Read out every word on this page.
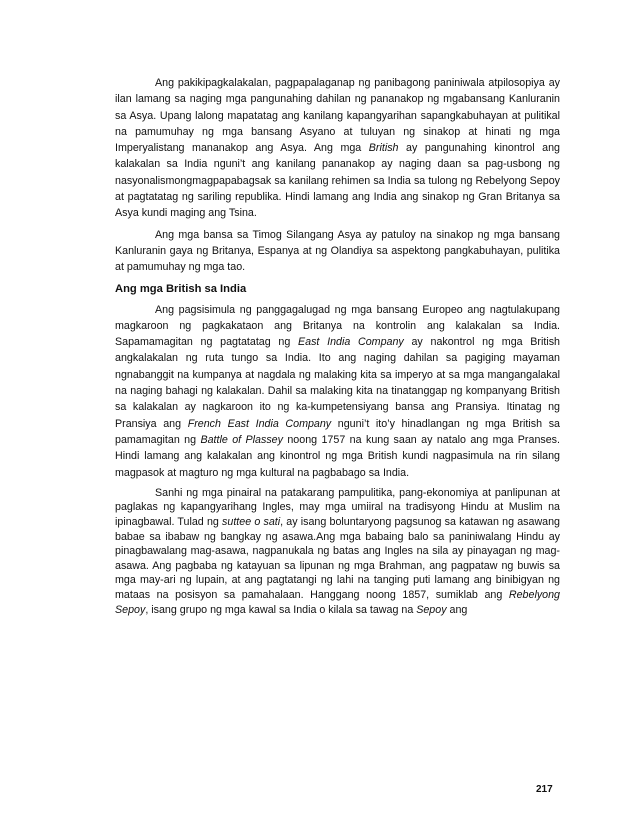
Ang pakikipagkalakalan, pagpapalaganap ng panibagong paniniwala atpilosopiya ay ilan lamang sa naging mga pangunahing dahilan ng pananakop ng mgabansang Kanluranin sa Asya. Upang lalong mapatatag ang kanilang kapangyarihan sapangkabuhayan at pulitikal na pamumuhay ng mga bansang Asyano at tuluyan ng sinakop at hinati ng mga Imperyalistang mananakop ang Asya. Ang mga British ay pangunahing kinontrol ang kalakalan sa India nguni’t ang kanilang pananakop ay naging daan sa pag-usbong ng nasyonalismongmagpapabagsak sa kanilang rehimen sa India sa tulong ng Rebelyong Sepoy at pagtatatag ng sariling republika. Hindi lamang ang India ang sinakop ng Gran Britanya sa Asya kundi maging ang Tsina.

Ang mga bansa sa Timog Silangang Asya ay patuloy na sinakop ng mga bansang Kanluranin gaya ng Britanya, Espanya at ng Olandiya sa aspektong pangkabuhayan, pulitika at pamumuhay ng mga tao.

Ang mga British sa India

Ang pagsisimula ng panggagalugad ng mga bansang Europeo ang nagtulakupang magkaroon ng pagkakataon ang Britanya na kontrolin ang kalakalan sa India. Sapamamagitan ng pagtatatag ng East India Company ay nakontrol ng mga British angkalakalan ng ruta tungo sa India. Ito ang naging dahilan sa pagiging mayaman ngnabanggit na kumpanya at nagdala ng malaking kita sa imperyo at sa mga mangangalakal na naging bahagi ng kalakalan. Dahil sa malaking kita na tinatanggap ng kompanyang British sa kalakalan ay nagkaroon ito ng ka-kumpetensiyang bansa ang Pransiya. Itinatag ng Pransiya ang French East India Company nguni’t ito’y hinadlangan ng mga British sa pamamagitan ng Battle of Plassey noong 1757 na kung saan ay natalo ang mga Pranses. Hindi lamang ang kalakalan ang kinontrol ng mga British kundi nagpasimula na rin silang magpasok at magturo ng mga kultural na pagbabago sa India.

Sanhi ng mga pinairal na patakarang pampulitika, pang-ekonomiya at panlipunan at paglakas ng kapangyarihang Ingles, may mga umiiral na tradisyong Hindu at Muslim na ipinagbawal. Tulad ng suttee o sati, ay isang boluntaryong pagsunog sa katawan ng asawang babae sa ibabaw ng bangkay ng asawa.Ang mga babaing balo sa paniniwalang Hindu ay pinagbawalang mag-asawa, nagpanukala ng batas ang Ingles na sila ay pinayagan ng mag-asawa. Ang pagbaba ng katayuan sa lipunan ng mga Brahman, ang pagpataw ng buwis sa mga may-ari ng lupain, at ang pagtatangi ng lahi na tanging puti lamang ang binibigyan ng mataas na posisyon sa pamahalaan. Hanggang noong 1857, sumiklab ang Rebelyong Sepoy, isang grupo ng mga kawal sa India o kilala sa tawag na Sepoy ang

217
